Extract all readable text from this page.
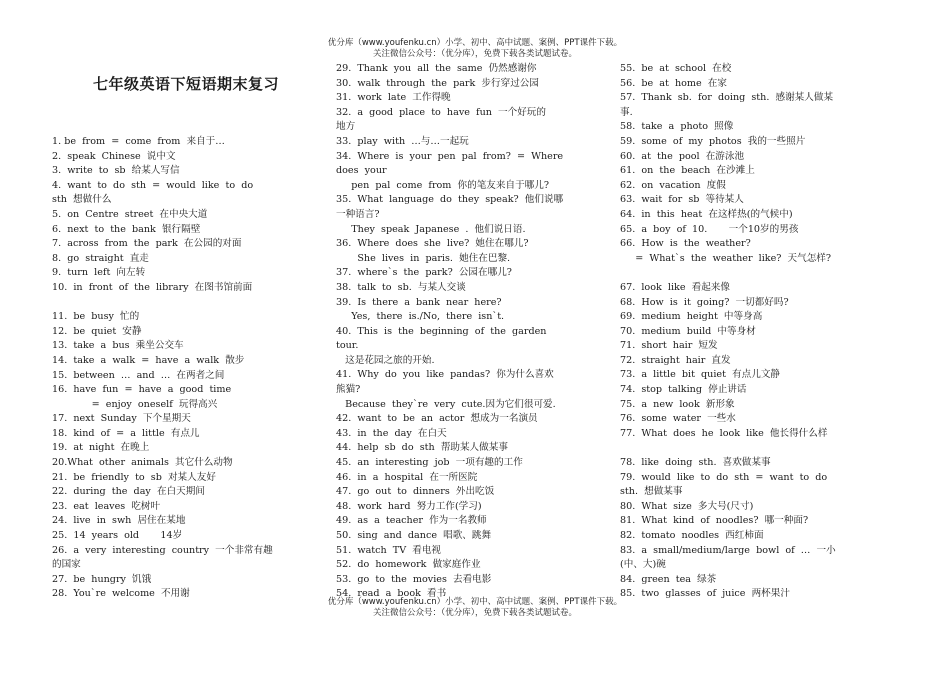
优分库（www.youfenku.cn）小学、初中、高中试题、案例、PPT课件下载。
关注微信公众号：（优分库），免费下载各类试题试卷。
七年级英语下短语期末复习
1. be  from  =  come  from  来自于…
2.  speak  Chinese  说中文
3.  write  to  sb  给某人写信
4.  want  to  do  sth  =  would  like  to  do
sth  想做什么
5.  on  Centre  street  在中央大道
6.  next  to  the  bank  银行隔壁
7.  across  from  the  park  在公园的对面
8.  go  straight  直走
9.  turn  left  向左转
10.  in  front  of  the  library  在图书馆前面
11.  be  busy  忙的
12.  be  quiet  安静
13.  take  a  bus  乘坐公交车
14.  take  a  walk  =  have  a  walk  散步
15.  between  …  and  …  在两者之间
16.  have  fun  =  have  a  good  time
=  enjoy  oneself  玩得高兴
17.  next  Sunday  下个星期天
18.  kind  of  =  a  little  有点儿
19.  at  night  在晚上
20.What  other  animals  其它什么动物
21.  be  friendly  to  sb  对某人友好
22.  during  the  day  在白天期间
23.  eat  leaves  吃树叶
24.  live  in  swh  居住在某地
25.  14  years  old       14岁
26.  a  very  interesting  country  一个非常有趣
的国家
27.  be  hungry  饥饿
28.  You`re  welcome  不用谢
29.  Thank  you  all  the  same  仍然感谢你
30.  walk  through  the  park  步行穿过公园
31.  work  late  工作得晚
32.  a  good  place  to  have  fun  一个好玩的
地方
33.  play  with  …与…一起玩
34.  Where  is  your  pen  pal  from?  =  Where
does  your
pen  pal  come  from  你的笔友来自于哪儿?
35.  What  language  do  they  speak?  他们说哪
一种语言?
They  speak  Japanese  .  他们说日语.
36.  Where  does  she  live?  她住在哪儿?
She  lives  in  paris.  她住在巴黎.
37.  where`s  the  park?  公园在哪儿?
38.  talk  to  sb.  与某人交谈
39.  Is  there  a  bank  near  here?
Yes,  there  is./No,  there  isn`t.
40.  This  is  the  beginning  of  the  garden
tour.
这是花园之旅的开始.
41.  Why  do  you  like  pandas?  你为什么喜欢
熊猫?
Because  they`re  very  cute.因为它们很可爱.
42.  want  to  be  an  actor  想成为一名演员
43.  in  the  day  在白天
44.  help  sb  do  sth  帮助某人做某事
45.  an  interesting  job  一项有趣的工作
46.  in  a  hospital  在一所医院
47.  go  out  to  dinners  外出吃饭
48.  work  hard  努力工作(学习)
49.  as  a  teacher  作为一名教师
50.  sing  and  dance  唱歌、跳舞
51.  watch  TV  看电视
52.  do  homework  做家庭作业
53.  go  to  the  movies  去看电影
54.  read  a  book  看书
55.  be  at  school  在校
56.  be  at  home  在家
57.  Thank  sb.  for  doing  sth.  感谢某人做某
事.
58.  take  a  photo  照像
59.  some  of  my  photos  我的一些照片
60.  at  the  pool  在游泳池
61.  on  the  beach  在沙滩上
62.  on  vacation  度假
63.  wait  for  sb  等待某人
64.  in  this  heat  在这样热(的气候中)
65.  a  boy  of  10.       一个10岁的男孩
66.  How  is  the  weather?
=  What`s  the  weather  like?  天气怎样?
67.  look  like  看起来像
68.  How  is  it  going?  一切都好吗?
69.  medium  height  中等身高
70.  medium  build  中等身材
71.  short  hair  短发
72.  straight  hair  直发
73.  a  little  bit  quiet  有点儿文静
74.  stop  talking  停止讲话
75.  a  new  look  新形象
76.  some  water  一些水
77.  What  does  he  look  like  他长得什么样
78.  like  doing  sth.  喜欢做某事
79.  would  like  to  do  sth  =  want  to  do
sth.  想做某事
80.  What  size  多大号(尺寸)
81.  What  kind  of  noodles?  哪一种面?
82.  tomato  noodles  西红柿面
83.  a  small/medium/large  bowl  of  …  一小
(中、大)碗
84.  green  tea  绿茶
85.  two  glasses  of  juice  两杯果汁
优分库（www.youfenku.cn）小学、初中、高中试题、案例、PPT课件下载。
关注微信公众号：（优分库），免费下载各类试题试卷。
